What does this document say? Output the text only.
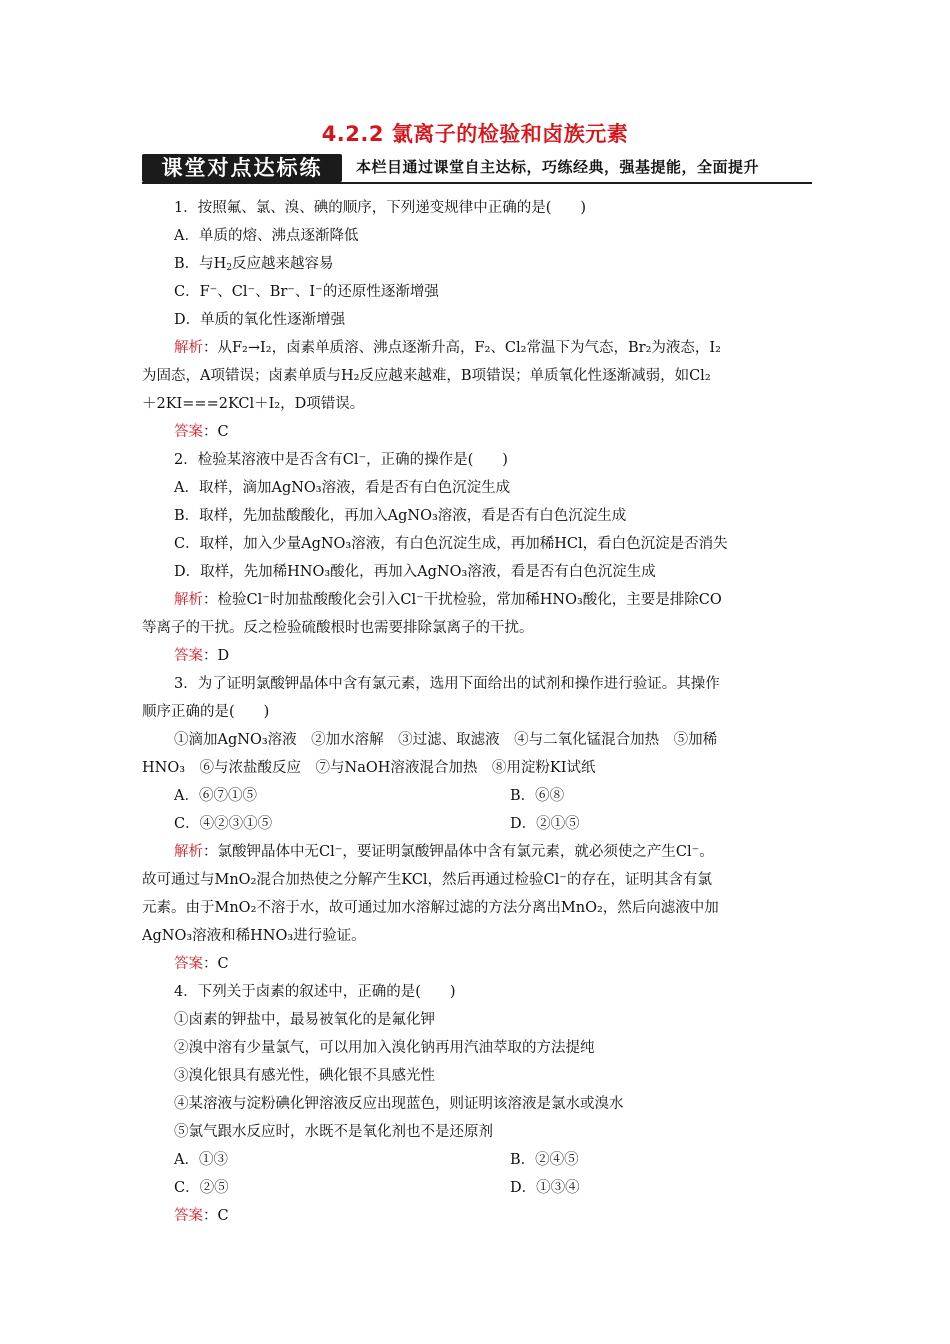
4.2.2 氯离子的检验和卤族元素
课堂对点达标练	本栏目通过课堂自主达标，巧练经典，强基提能，全面提升
1．按照氟、氯、溴、碘的顺序，下列递变规律中正确的是(　　)
A．单质的熔、沸点逐渐降低
B．与$H_2$反应越来越容易
C．F⁻、Cl⁻、Br⁻、I⁻的还原性逐渐增强
D．单质的氧化性逐渐增强
解析：从F₂→I₂，卤素单质溶、沸点逐渐升高，F₂、Cl₂常温下为气态，Br₂为液态，I₂
为固态，A项错误；卤素单质与H₂反应越来越难，B项错误；单质氧化性逐渐减弱，如Cl₂
＋2KI===2KCl＋I₂，D项错误。
答案：C
2．检验某溶液中是否含有Cl⁻，正确的操作是(　　)
A．取样，滴加AgNO₃溶液，看是否有白色沉淀生成
B．取样，先加盐酸酸化，再加入AgNO₃溶液，看是否有白色沉淀生成
C．取样，加入少量AgNO₃溶液，有白色沉淀生成，再加稀HCl，看白色沉淀是否消失
D．取样，先加稀HNO₃酸化，再加入AgNO₃溶液，看是否有白色沉淀生成
解析：检验Cl⁻时加盐酸酸化会引入Cl⁻干扰检验，常加稀HNO₃酸化，主要是排除CO
等离子的干扰。反之检验硫酸根时也需要排除氯离子的干扰。
答案：D
3．为了证明氯酸钾晶体中含有氯元素，选用下面给出的试剂和操作进行验证。其操作
顺序正确的是(　　)
①滴加AgNO₃溶液　②加水溶解　③过滤、取滤液　④与二氧化锰混合加热　⑤加稀
HNO₃　⑥与浓盐酸反应　⑦与NaOH溶液混合加热　⑧用淀粉KI试纸
A．⑥⑦①⑤	B．⑥⑧
C．④②③①⑤	D．②①⑤
解析：氯酸钾晶体中无Cl⁻，要证明氯酸钾晶体中含有氯元素，就必须使之产生Cl⁻。
故可通过与MnO₂混合加热使之分解产生KCl，然后再通过检验Cl⁻的存在，证明其含有氯
元素。由于MnO₂不溶于水，故可通过加水溶解过滤的方法分离出MnO₂，然后向滤液中加
AgNO₃溶液和稀HNO₃进行验证。
答案：C
4．下列关于卤素的叙述中，正确的是(　　)
①卤素的钾盐中，最易被氧化的是氟化钾
②溴中溶有少量氯气，可以用加入溴化钠再用汽油萃取的方法提纯
③溴化银具有感光性，碘化银不具感光性
④某溶液与淀粉碘化钾溶液反应出现蓝色，则证明该溶液是氯水或溴水
⑤氯气跟水反应时，水既不是氧化剂也不是还原剂
A．①③	B．②④⑤
C．②⑤	D．①③④
答案：C
